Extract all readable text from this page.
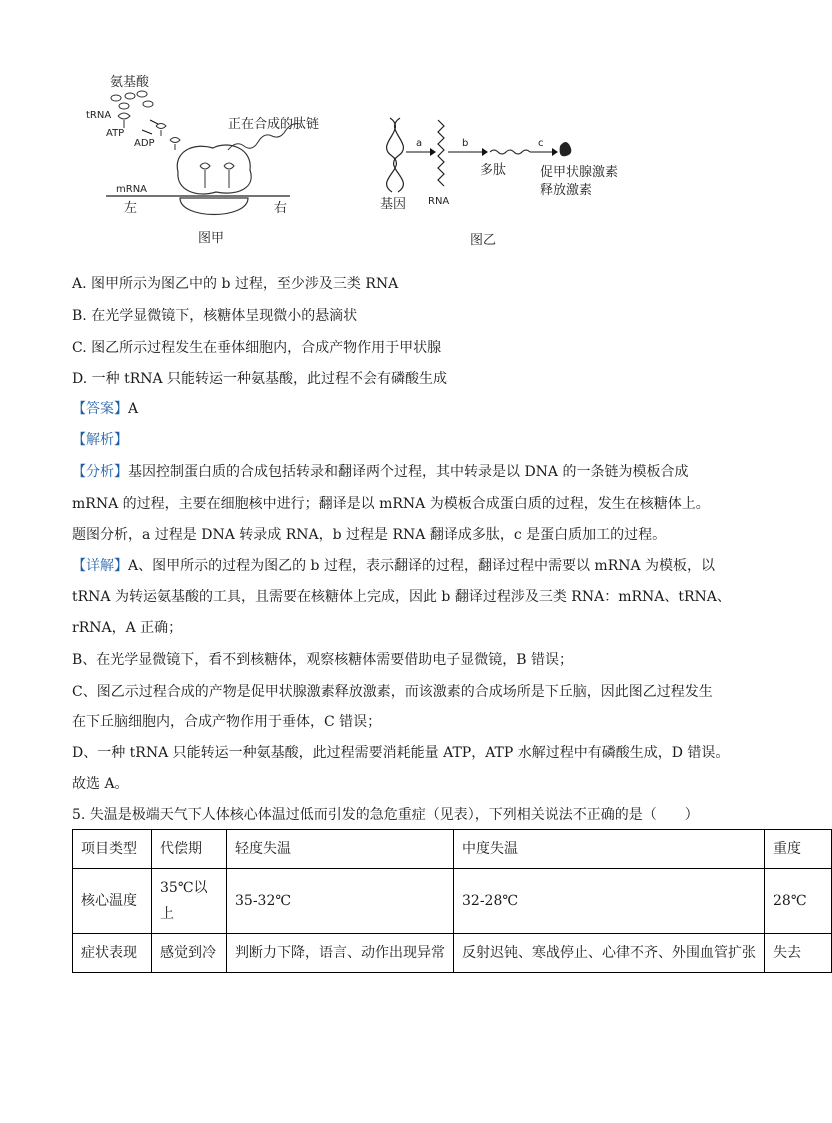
氨基酸
tRNA
ATP
ADP
正在合成的肽链
mRNA
左	右
图甲
基因
a
RNA
b
多肽
c
促甲状腺激素
释放激素
图乙
A. 图甲所示为图乙中的 b 过程，至少涉及三类 RNA
B. 在光学显微镜下，核糖体呈现微小的悬滴状
C. 图乙所示过程发生在垂体细胞内，合成产物作用于甲状腺
D. 一种 tRNA 只能转运一种氨基酸，此过程不会有磷酸生成
【答案】A
【解析】
【分析】基因控制蛋白质的合成包括转录和翻译两个过程，其中转录是以 DNA 的一条链为模板合成
mRNA 的过程，主要在细胞核中进行；翻译是以 mRNA 为模板合成蛋白质的过程，发生在核糖体上。
题图分析，a 过程是 DNA 转录成 RNA，b 过程是 RNA 翻译成多肽，c 是蛋白质加工的过程。
【详解】A、图甲所示的过程为图乙的 b 过程，表示翻译的过程，翻译过程中需要以 mRNA 为模板，以
tRNA 为转运氨基酸的工具，且需要在核糖体上完成，因此 b 翻译过程涉及三类 RNA：mRNA、tRNA、
rRNA，A 正确；
B、在光学显微镜下，看不到核糖体，观察核糖体需要借助电子显微镜，B 错误；
C、图乙示过程合成的产物是促甲状腺激素释放激素，而该激素的合成场所是下丘脑，因此图乙过程发生
在下丘脑细胞内，合成产物作用于垂体，C 错误；
D、一种 tRNA 只能转运一种氨基酸，此过程需要消耗能量 ATP，ATP 水解过程中有磷酸生成，D 错误。
故选 A。
5. 失温是极端天气下人体核心体温过低而引发的急危重症（见表），下列相关说法不正确的是（　　）
项目类型	代偿期	轻度失温	中度失温	重度
核心温度	35℃以上	35-32℃	32-28℃	28℃
症状表现	感觉到冷	判断力下降，语言、动作出现异常	反射迟钝、寒战停止、心律不齐、外围血管扩张	失去
